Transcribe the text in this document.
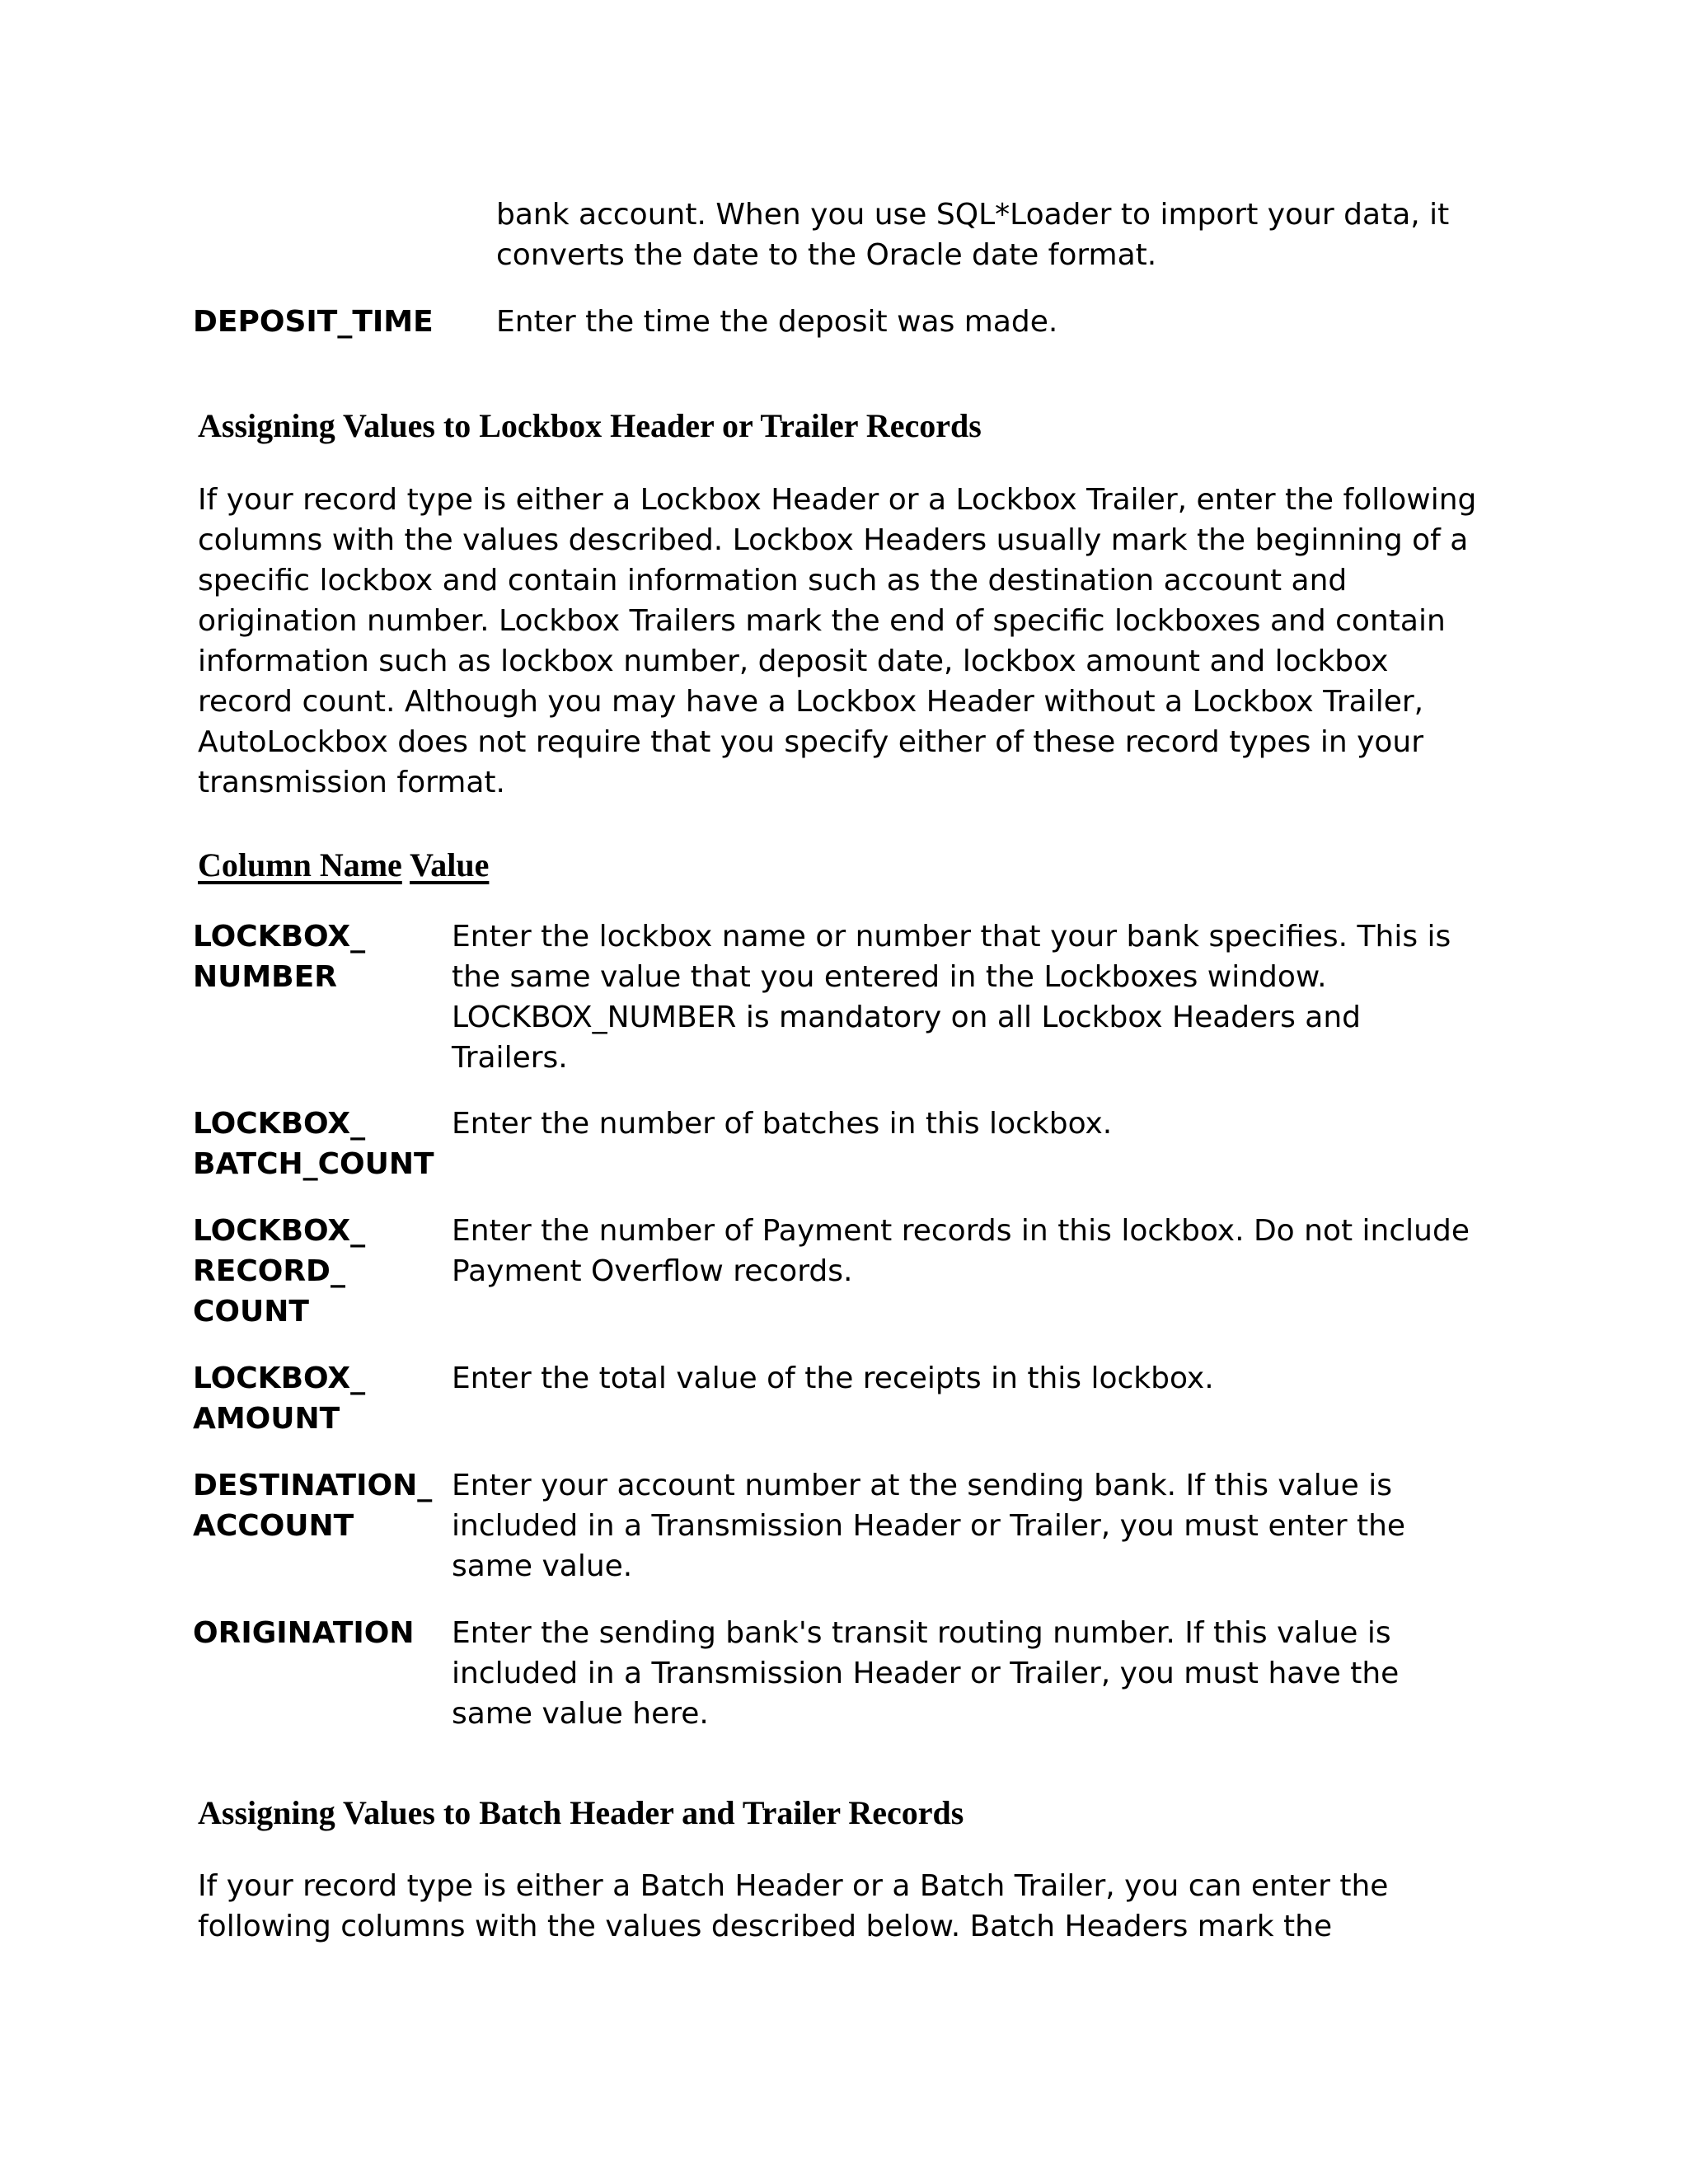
bank account. When you use SQL*Loader to import your data, it
converts the date to the Oracle date format.
DEPOSIT_TIME Enter the time the deposit was made.
Assigning Values to Lockbox Header or Trailer Records
If your record type is either a Lockbox Header or a Lockbox Trailer, enter the following
columns with the values described. Lockbox Headers usually mark the beginning of a
specific lockbox and contain information such as the destination account and
origination number. Lockbox Trailers mark the end of specific lockboxes and contain
information such as lockbox number, deposit date, lockbox amount and lockbox
record count. Although you may have a Lockbox Header without a Lockbox Trailer,
AutoLockbox does not require that you specify either of these record types in your
transmission format.
Column Name Value
LOCKBOX_
NUMBER
Enter the lockbox name or number that your bank specifies. This is
the same value that you entered in the Lockboxes window.
LOCKBOX_NUMBER is mandatory on all Lockbox Headers and
Trailers.
LOCKBOX_
BATCH_COUNT
Enter the number of batches in this lockbox.
LOCKBOX_
RECORD_
COUNT
Enter the number of Payment records in this lockbox. Do not include
Payment Overflow records.
LOCKBOX_
AMOUNT
Enter the total value of the receipts in this lockbox.
DESTINATION_
ACCOUNT
Enter your account number at the sending bank. If this value is
included in a Transmission Header or Trailer, you must enter the
same value.
ORIGINATION Enter the sending bank's transit routing number. If this value is
included in a Transmission Header or Trailer, you must have the
same value here.
Assigning Values to Batch Header and Trailer Records
If your record type is either a Batch Header or a Batch Trailer, you can enter the
following columns with the values described below. Batch Headers mark the
